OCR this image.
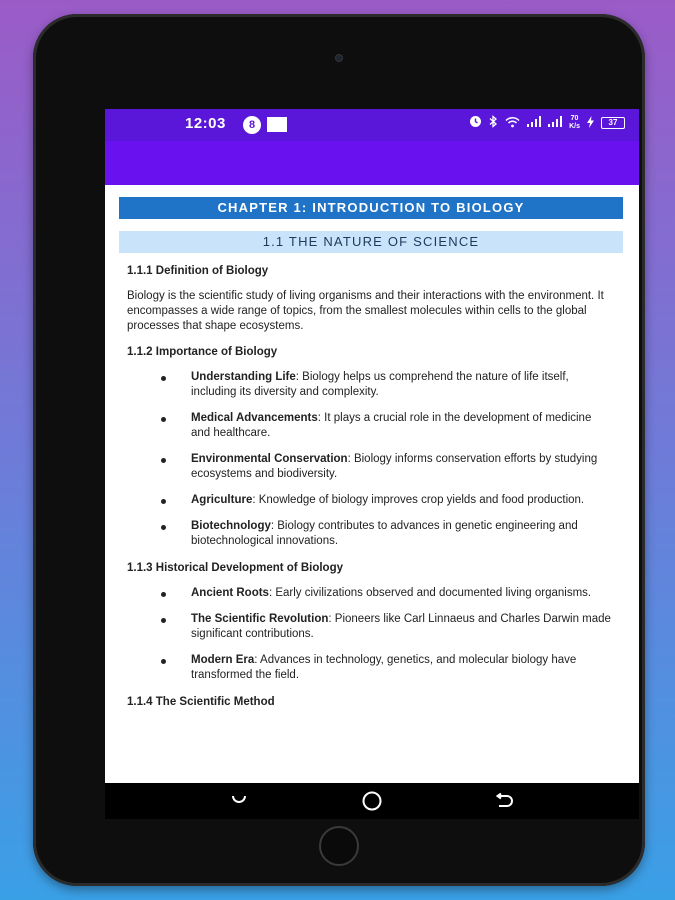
12:03	8
70
K/s	37
CHAPTER 1: INTRODUCTION TO BIOLOGY
1.1 THE NATURE OF SCIENCE
1.1.1 Definition of Biology
Biology is the scientific study of living organisms and their interactions with the environment. It encompasses a wide range of topics, from the smallest molecules within cells to the global processes that shape ecosystems.
1.1.2 Importance of Biology
Understanding Life: Biology helps us comprehend the nature of life itself, including its diversity and complexity.
Medical Advancements: It plays a crucial role in the development of medicine and healthcare.
Environmental Conservation: Biology informs conservation efforts by studying ecosystems and biodiversity.
Agriculture: Knowledge of biology improves crop yields and food production.
Biotechnology: Biology contributes to advances in genetic engineering and biotechnological innovations.
1.1.3 Historical Development of Biology
Ancient Roots: Early civilizations observed and documented living organisms.
The Scientific Revolution: Pioneers like Carl Linnaeus and Charles Darwin made significant contributions.
Modern Era: Advances in technology, genetics, and molecular biology have transformed the field.
1.1.4 The Scientific Method
